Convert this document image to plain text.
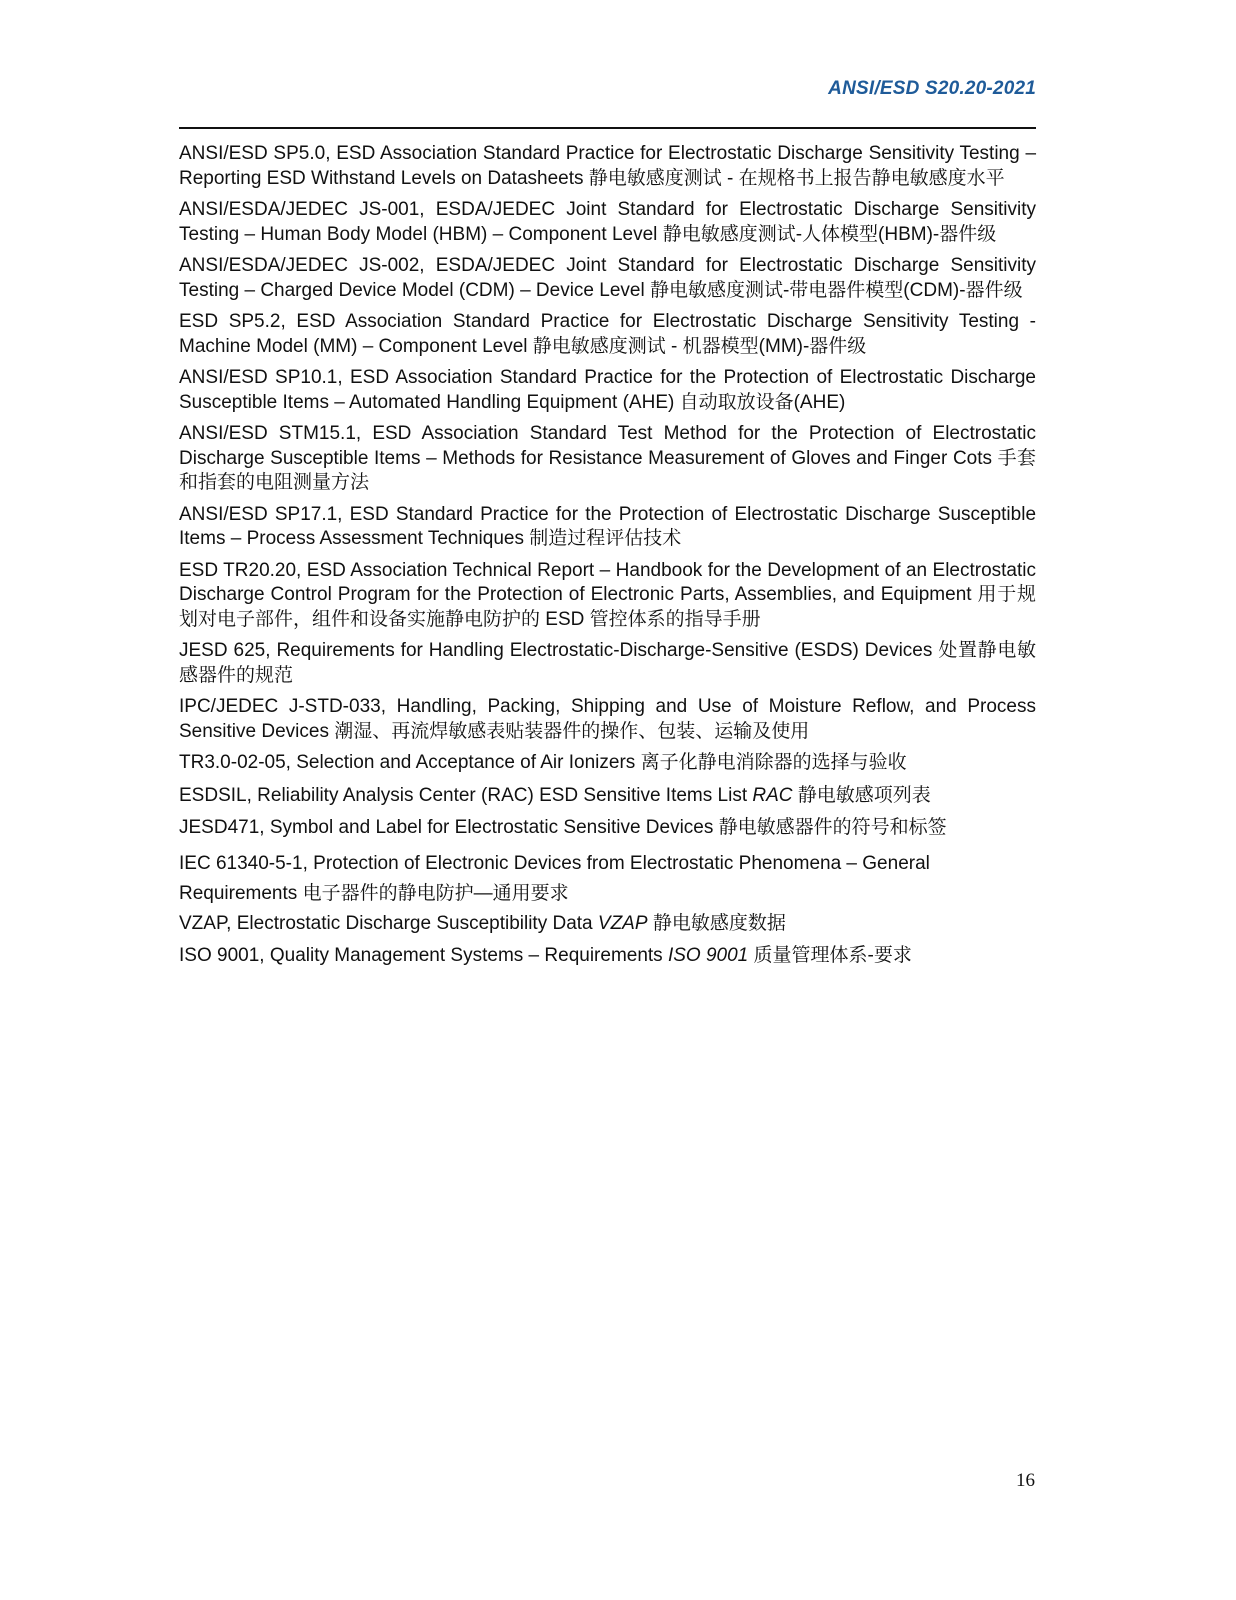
ANSI/ESD S20.20-2021

ANSI/ESD SP5.0, ESD Association Standard Practice for Electrostatic Discharge Sensitivity Testing – Reporting ESD Withstand Levels on Datasheets 静电敏感度测试 - 在规格书上报告静电敏感度水平

ANSI/ESDA/JEDEC JS-001, ESDA/JEDEC Joint Standard for Electrostatic Discharge Sensitivity Testing – Human Body Model (HBM) – Component Level 静电敏感度测试-人体模型(HBM)-器件级

ANSI/ESDA/JEDEC JS-002, ESDA/JEDEC Joint Standard for Electrostatic Discharge Sensitivity Testing – Charged Device Model (CDM) – Device Level 静电敏感度测试-带电器件模型(CDM)-器件级

ESD SP5.2, ESD Association Standard Practice for Electrostatic Discharge Sensitivity Testing - Machine Model (MM) – Component Level 静电敏感度测试 - 机器模型(MM)-器件级

ANSI/ESD SP10.1, ESD Association Standard Practice for the Protection of Electrostatic Discharge Susceptible Items – Automated Handling Equipment (AHE) 自动取放设备(AHE)

ANSI/ESD STM15.1, ESD Association Standard Test Method for the Protection of Electrostatic Discharge Susceptible Items – Methods for Resistance Measurement of Gloves and Finger Cots 手套和指套的电阻测量方法

ANSI/ESD SP17.1, ESD Standard Practice for the Protection of Electrostatic Discharge Susceptible Items – Process Assessment Techniques 制造过程评估技术

ESD TR20.20, ESD Association Technical Report – Handbook for the Development of an Electrostatic Discharge Control Program for the Protection of Electronic Parts, Assemblies, and Equipment 用于规划对电子部件，组件和设备实施静电防护的 ESD 管控体系的指导手册

JESD 625, Requirements for Handling Electrostatic-Discharge-Sensitive (ESDS) Devices 处置静电敏感器件的规范

IPC/JEDEC J-STD-033, Handling, Packing, Shipping and Use of Moisture Reflow, and Process Sensitive Devices 潮湿、再流焊敏感表贴装器件的操作、包装、运输及使用

TR3.0-02-05, Selection and Acceptance of Air Ionizers 离子化静电消除器的选择与验收

ESDSIL, Reliability Analysis Center (RAC) ESD Sensitive Items List RAC 静电敏感项列表

JESD471, Symbol and Label for Electrostatic Sensitive Devices 静电敏感器件的符号和标签

IEC 61340-5-1, Protection of Electronic Devices from Electrostatic Phenomena – General
Requirements 电子器件的静电防护—通用要求

VZAP, Electrostatic Discharge Susceptibility Data VZAP 静电敏感度数据

ISO 9001, Quality Management Systems – Requirements ISO 9001 质量管理体系-要求

16
